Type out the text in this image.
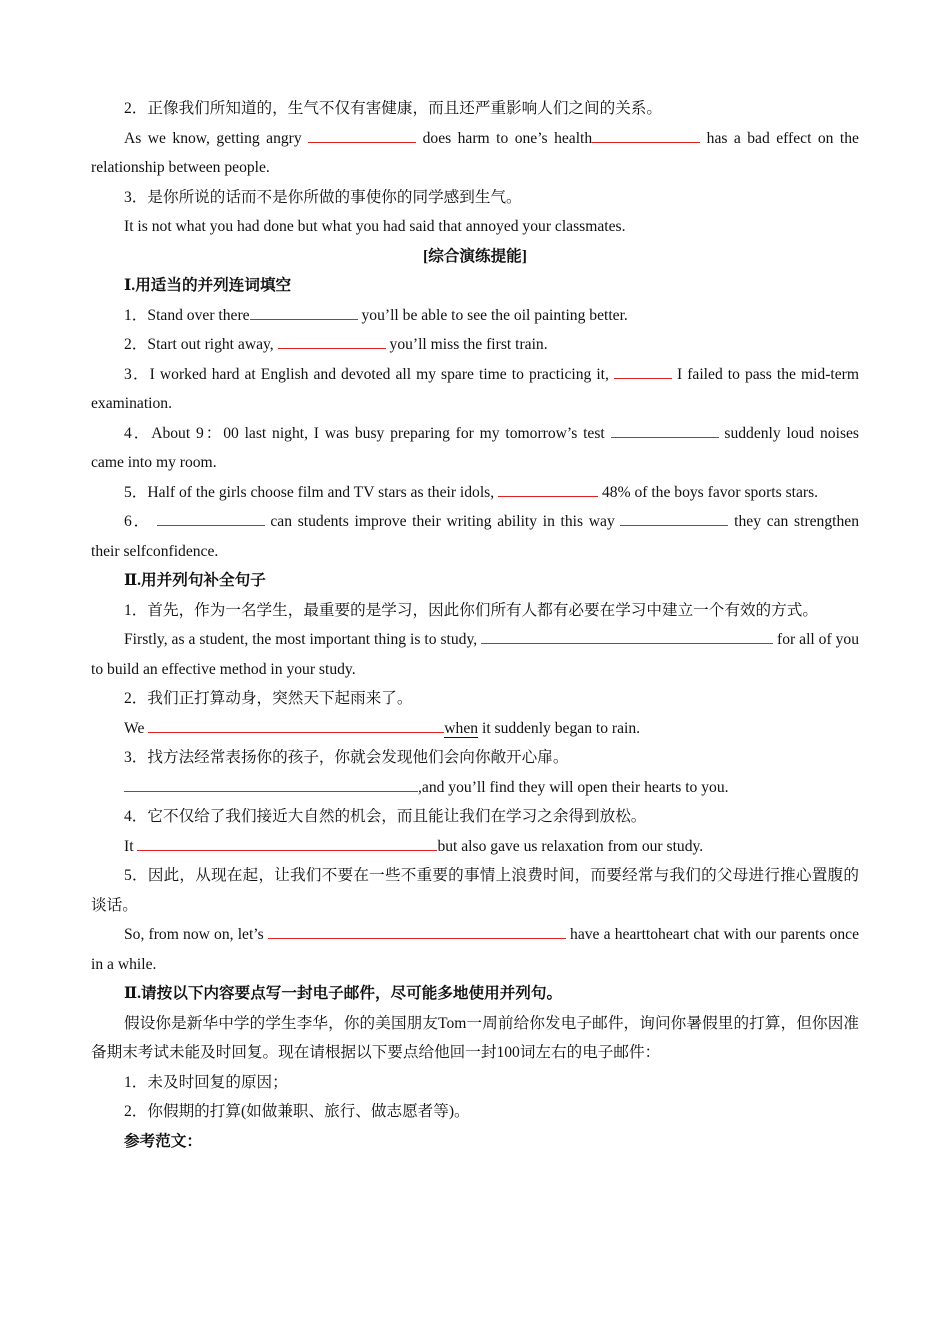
2．正像我们所知道的，生气不仅有害健康，而且还严重影响人们之间的关系。

As we know, getting angry	does harm to one’s health	has a bad effect on the relationship between people.

3．是你所说的话而不是你所做的事使你的同学感到生气。

It is not what you had done but what you had said that annoyed your classmates.

[综合演练提能]

Ⅰ.用适当的并列连词填空

1．Stand over there	you’ll be able to see the oil painting better.

2．Start out right away,	you’ll miss the first train.

3．I worked hard at English and devoted all my spare time to practicing it,	I failed to pass the mid-term examination.

4．About 9：00 last night, I was busy preparing for my tomorrow’s test	suddenly loud noises came into my room.

5．Half of the girls choose film and TV stars as their idols,	48% of the boys favor sports stars.

6．	can students improve their writing ability in this way	they can strengthen their selfconfidence.

Ⅱ.用并列句补全句子

1．首先，作为一名学生，最重要的是学习，因此你们所有人都有必要在学习中建立一个有效的方式。

Firstly, as a student, the most important thing is to study,	for all of you to build an effective method in your study.

2．我们正打算动身，突然天下起雨来了。

We	when it suddenly began to rain.

3．找方法经常表扬你的孩子，你就会发现他们会向你敞开心扉。

,and you’ll find they will open their hearts to you.

4．它不仅给了我们接近大自然的机会，而且能让我们在学习之余得到放松。

It	but also gave us relaxation from our study.

5．因此，从现在起，让我们不要在一些不重要的事情上浪费时间，而要经常与我们的父母进行推心置腹的谈话。

So, from now on, let’s	have a hearttoheart chat with our parents once in a while.

Ⅱ.请按以下内容要点写一封电子邮件，尽可能多地使用并列句。

假设你是新华中学的学生李华，你的美国朋友Tom一周前给你发电子邮件，询问你暑假里的打算，但你因准备期末考试未能及时回复。现在请根据以下要点给他回一封100词左右的电子邮件：

1．未及时回复的原因；

2．你假期的打算(如做兼职、旅行、做志愿者等)。

参考范文：
